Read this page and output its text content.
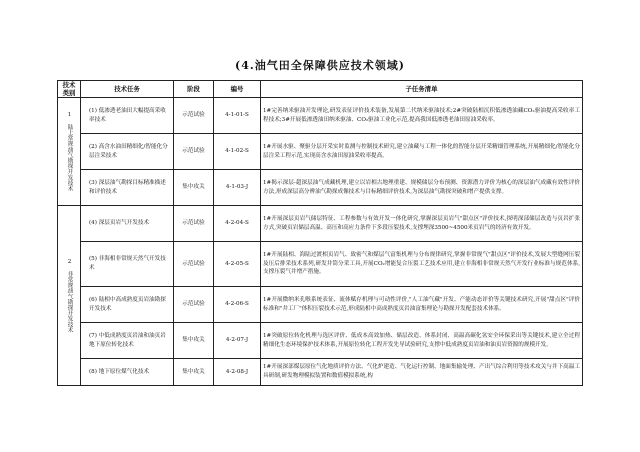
(4.油气田全保障供应技术领域)
技术类别	技术任务	阶段	编号	子任务清单

1 陆上常规油气勘探开发技术	(1) 低渗透老油田大幅提高采收率技术	示范试验	4-1-01-S	1#完善纳米驱油开发理论,研发表征评价技术装备,发展第二代纳米驱油技术;2#突破陆相沉积低渗透油藏CO₂驱油提高采收率工程技术;3#开展低渗透油田纳米驱油、CO₂驱油工业化示范,提高我国低渗透老油田原油采收率。
	(2) 高含水油田精细化/智能化分层注采技术	示范试验	4-1-02-S	1#开展水驱、聚驱分层开采实时监测与控制技术研究,建立油藏与工程一体化的智能分层开采精细管理系统,开展精细化/智能化分层注采工程示范,实现高含水油田原油采收率提高。
	(3) 深层油气勘探目标精准描述和评价技术	集中攻关	4-1-03-J	1#揭示深层-超深层油气成藏机理,建立以岩相古地理重建、规模储层分布预测、资源潜力评价为核心的深层油气成藏有效性评价方法,形成深层高分辨油气勘探成像技术与目标精细评价技术,为深层油气勘探突破和增产提供支撑。

2 非常规油气勘探开发技术	(4) 深层页岩气开发技术	示范试验	4-2-04-S	1#开展深层页岩气储层特征、工程参数与有效开发一体化研究,掌握深层页岩气"甜点区"评价技术,探明深部储层改造与页岩扩张方式,突破页岩储层高温、高压和高应力条件下多段压裂技术,支撑埋深3500~4500米页岩气的经济有效开发。
	(5) 非海相非常规天然气开发技术	示范试验	4-2-05-S	1#开展陆相、海陆过渡相页岩气、致密气和煤层气富集机理与分布规律研究,掌握非常规气"甜点区"评价技术,发展大型缝网压裂及压后排采技术系列,研发井筒分采工具,开展CO₂增能复合压裂工艺技术应用,建立非海相非常规天然气开发行业标准与规范体系,支撑压裂气井增产措施。
	(6) 陆相中高成熟度页岩油勘探开发技术	示范试验	4-2-06-S	1#开展微纳米孔喉系统表征、流体赋存机理与可动性评价,"人工油气藏"开发、产能动态评价等关键技术研究,开展"甜点区"评价标准和"井工厂"体积压裂技术示范,形成陆相中高成熟度页岩油富集理论与勘探开发配套技术体系。
	(7) 中低成熟度页岩油和油页岩地下原位转化技术	集中攻关	4-2-07-J	1#突破原位转化机理与选区评价、低成本高效加热、储层改造、体系封闭、高温高碳化氢安全环保采出等关键技术,建立全过程精细化生态环境保护技术体系,开展原位转化工程开发先导试验研究,支撑中低成熟度页岩油和油页岩资源的规模开发。
	(8) 地下原位煤气化技术	集中攻关	4-2-08-J	1#开展深部煤层原位气化地质评价方法、气化炉建造、气化运行控制、地面集输处理、产出气综合利用等技术攻关与井下高温工具研制,研发物理模拟装置和数值模拟系统,构
